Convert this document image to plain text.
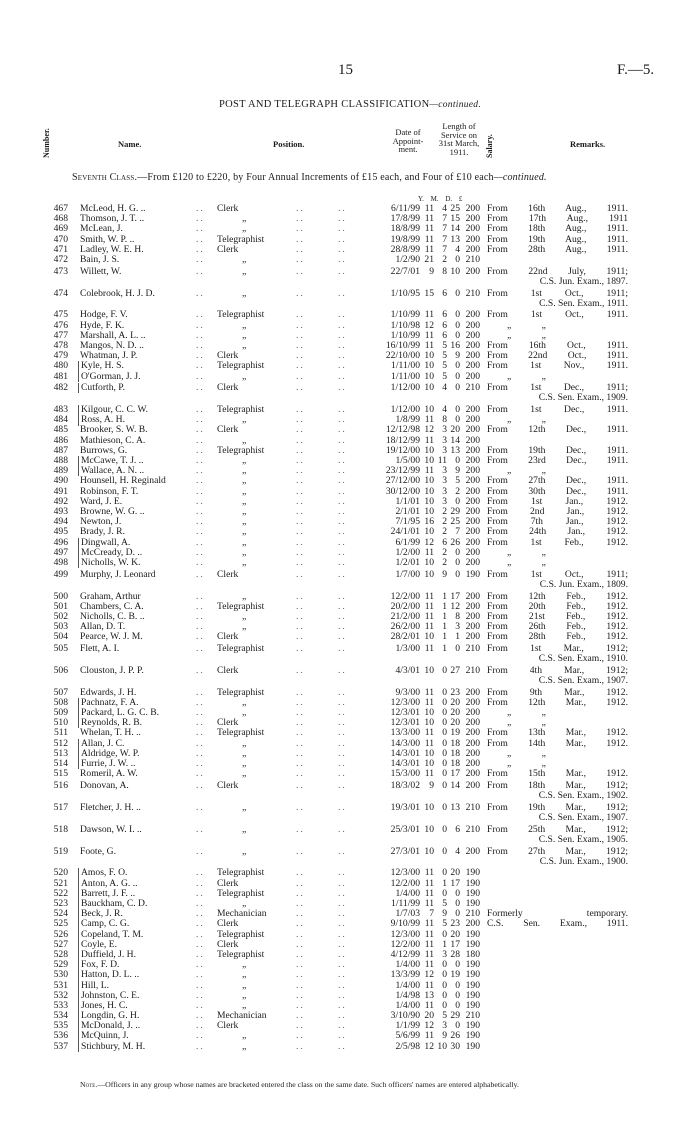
15	F.—5.
POST AND TELEGRAPH CLASSIFICATION—continued.
Number.	Name.	Position.
Date of Appoint-ment.
Length of Service on 31st March, 1911.	Salary.	Remarks.
Seventh Class.—From £120 to £220, by Four Annual Increments of £15 each, and Four of £10 each—continued.
Y. M. D. £
467 McLeod, H. G. ..	.. Clerk	..	..	6/11/99 11 4 25 200 From 16th Aug., 1911.
468 Thomson, J. T. ..	..	„	..	..	17/8/99 11 7 15 200 From 17th Aug., 1911
469 McLean, J.	..	„	..	..	18/8/99 11 7 14 200 From 18th Aug., 1911.
470 Smith, W. P. ..	.. Telegraphist	..	..	19/8/99 11 7 13 200 From 19th Aug., 1911.
471 Ladley, W. E. H.	.. Clerk	..	..	28/8/99 11 7 4 200 From 28th Aug., 1911.
472 Bain, J. S.	..	„	..	..	1/2/90 21 2 0 210
473 Willett, W.	..	„	..	..	22/7/01 9 8 10 200 From 22nd July, 1911;
C.S. Jun. Exam., 1897.
474 Colebrook, H. J. D.	..	„	..	..	1/10/95 15 6 0 210 From 1st Oct., 1911;
C.S. Sen. Exam., 1911.
475 Hodge, F. V.	.. Telegraphist	..	..	1/10/99 11 6 0 200 From 1st Oct., 1911.
476 Hyde, F. K.	..	„	..	..	1/10/98 12 6 0 200	„ „
477 Marshall, A. L. ..	..	„	..	..	1/10/99 11 6 0 200	„ „
478 Mangos, N. D. ..	..	„	..	..	16/10/99 11 5 16 200 From 16th Oct., 1911.
479 Whatman, J. P.	.. Clerk	..	..	22/10/00 10 5 9 200 From 22nd Oct., 1911.
480	Kyle, H. S.	.. Telegraphist	..	..	1/11/00 10 5 0 200 From 1st Nov., 1911.
481	O'Gorman, J. J.	..	„	..	..	1/11/00 10 5 0 200	„ „
482	Cutforth, P.	.. Clerk	..	..	1/12/00 10 4 0 210 From 1st Dec., 1911;
C.S. Sen. Exam., 1909.
483	Kilgour, C. C. W.	.. Telegraphist	..	..	1/12/00 10 4 0 200 From 1st Dec., 1911.
484	Ross, A. H.	..	„	..	..	1/8/99 11 8 0 200	„ „
485 Brooker, S. W. B.	.. Clerk	..	..	12/12/98 12 3 20 200 From 12th Dec., 1911.
486 Mathieson, C. A.	..	„	..	..	18/12/99 11 3 14 200
487 Burrows, G.	.. Telegraphist	..	..	19/12/00 10 3 13 200 From 19th Dec., 1911.
488	McCawe, T. J. ..	..	„	..	..	1/5/00 10 11 0 200 From 23rd Dec., 1911.
489	Wallace, A. N. ..	..	„	..	..	23/12/99 11 3 9 200	„ „
490 Hounsell, H. Reginald	..	„	..	..	27/12/00 10 3 5 200 From 27th Dec., 1911.
491 Robinson, F. T.	..	„	..	..	30/12/00 10 3 2 200 From 30th Dec., 1911.
492 Ward, J. E.	..	„	..	..	1/1/01 10 3 0 200 From 1st Jan., 1912.
493 Browne, W. G. ..	..	„	..	..	2/1/01 10 2 29 200 From 2nd Jan., 1912.
494 Newton, J.	..	„	..	..	7/1/95 16 2 25 200 From 7th Jan., 1912.
495 Brady, J. R.	..	„	..	..	24/1/01 10 2 7 200 From 24th Jan., 1912.
496	Dingwall, A.	..	„	..	..	6/1/99 12 6 26 200 From 1st Feb., 1912.
497	McCready, D. ..	..	„	..	..	1/2/00 11 2 0 200	„ „
498	Nicholls, W. K.	..	„	..	..	1/2/01 10 2 0 200	„ „
499 Murphy, J. Leonard	.. Clerk	..	..	1/7/00 10 9 0 190 From 1st Oct., 1911;
C.S. Jun. Exam., 1809.
500 Graham, Arthur	..	„	..	..	12/2/00 11 1 17 200 From 12th Feb., 1912.
501 Chambers, C. A.	.. Telegraphist	..	..	20/2/00 11 1 12 200 From 20th Feb., 1912.
502 Nicholls, C. B. ..	..	„	..	..	21/2/00 11 1 8 200 From 21st Feb., 1912.
503 Allan, D. T.	..	„	..	..	26/2/00 11 1 3 200 From 26th Feb., 1912.
504 Pearce, W. J. M.	.. Clerk	..	..	28/2/01 10 1 1 200 From 28th Feb., 1912.
505 Flett, A. I.	.. Telegraphist	..	..	1/3/00 11 1 0 210 From 1st Mar., 1912;
C.S. Sen. Exam., 1910.
506 Clouston, J. P. P.	.. Clerk	..	..	4/3/01 10 0 27 210 From 4th Mar., 1912;
C.S. Sen. Exam., 1907.
507 Edwards, J. H.	.. Telegraphist	..	..	9/3/00 11 0 23 200 From 9th Mar., 1912.
508	Pachnatz, F. A.	..	„	..	..	12/3/00 11 0 20 200 From 12th Mar., 1912.
509	Packard, L. G. C. B.	..	„	..	..	12/3/01 10 0 20 200	„ „
510	Reynolds, R. B.	.. Clerk	..	..	12/3/01 10 0 20 200	„ „
511 Whelan, T. H. ..	.. Telegraphist	..	..	13/3/00 11 0 19 200 From 13th Mar., 1912.
512	Allan, J. C.	..	„	..	..	14/3/00 11 0 18 200 From 14th Mar., 1912.
513	Aldridge, W. P.	..	„	..	..	14/3/01 10 0 18 200	„ „
514	Furrie, J. W. ..	..	„	..	..	14/3/01 10 0 18 200	„ „
515 Romeril, A. W.	..	„	..	..	15/3/00 11 0 17 200 From 15th Mar., 1912.
516 Donovan, A.	.. Clerk	..	..	18/3/02 9 0 14 200 From 18th Mar., 1912;
C.S. Sen. Exam., 1902.
517 Fletcher, J. H. ..	..	„	..	..	19/3/01 10 0 13 210 From 19th Mar., 1912;
C.S. Sen. Exam., 1907.
518 Dawson, W. I. ..	..	„	..	..	25/3/01 10 0 6 210 From 25th Mar., 1912;
C.S. Sen. Exam., 1905.
519 Foote, G.	..	„	..	..	27/3/01 10 0 4 200 From 27th Mar., 1912;
C.S. Jun. Exam., 1900.
520	Amos, F. O.	.. Telegraphist	..	..	12/3/00 11 0 20 190
521	Anton, A. G. ..	.. Clerk	..	..	12/2/00 11 1 17 190
522	Barrett, J. F. ..	.. Telegraphist	..	..	1/4/00 11 0 0 190
523	Bauckham, C. D.	..	„	..	..	1/11/99 11 5 0 190
524	Beck, J. R.	.. Mechanician	..	..	1/7/03 7 9 0 210 Formerly temporary.
525	Camp, C. G.	.. Clerk	..	..	9/10/99 11 5 23 200 C.S. Sen. Exam., 1911.
526	Copeland, T. M.	.. Telegraphist	..	..	12/3/00 11 0 20 190
527	Coyle, E.	.. Clerk	..	..	12/2/00 11 1 17 190
528	Duffield, J. H.	.. Telegraphist	..	..	4/12/99 11 3 28 180
529	Fox, F. D.	..	„	..	..	1/4/00 11 0 0 190
530	Hatton, D. L. ..	..	„	..	..	13/3/99 12 0 19 190
531	Hill, L.	..	„	..	..	1/4/00 11 0 0 190
532	Johnston, C. E.	..	„	..	..	1/4/98 13 0 0 190
533	Jones, H. C.	..	„	..	..	1/4/00 11 0 0 190
534	Longdin, G. H.	.. Mechanician	..	..	3/10/90 20 5 29 210
535	McDonald, J. ..	.. Clerk	..	..	1/1/99 12 3 0 190
536	McQuinn, J.	..	„	..	..	5/6/99 11 9 26 190
537	Stichbury, M. H.	..	„	..	..	2/5/98 12 10 30 190
Note.—Officers in any group whose names are bracketed entered the class on the same date. Such officers' names are entered alphabetically.
